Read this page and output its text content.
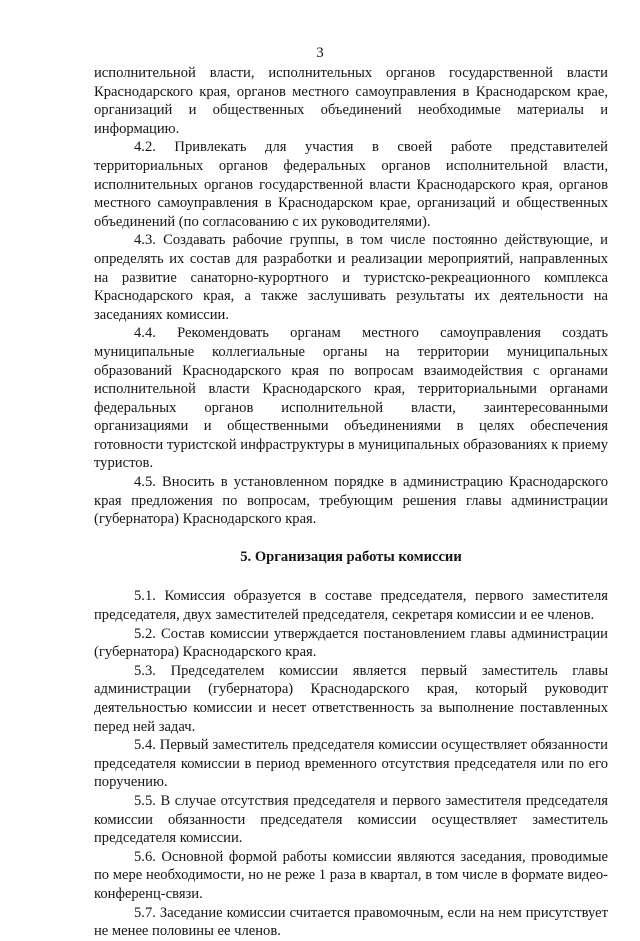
3

исполнительной власти, исполнительных органов государственной власти Краснодарского края, органов местного самоуправления в Краснодарском крае, организаций и общественных объединений необходимые материалы и информацию.

4.2. Привлекать для участия в своей работе представителей территориальных органов федеральных органов исполнительной власти, исполнительных органов государственной власти Краснодарского края, органов местного самоуправления в Краснодарском крае, организаций и общественных объединений (по согласованию с их руководителями).

4.3. Создавать рабочие группы, в том числе постоянно действующие, и определять их состав для разработки и реализации мероприятий, направленных на развитие санаторно-курортного и туристско-рекреационного комплекса Краснодарского края, а также заслушивать результаты их деятельности на заседаниях комиссии.

4.4. Рекомендовать органам местного самоуправления создать муниципальные коллегиальные органы на территории муниципальных образований Краснодарского края по вопросам взаимодействия с органами исполнительной власти Краснодарского края, территориальными органами федеральных органов исполнительной власти, заинтересованными организациями и общественными объединениями в целях обеспечения готовности туристской инфраструктуры в муниципальных образованиях к приему туристов.

4.5. Вносить в установленном порядке в администрацию Краснодарского края предложения по вопросам, требующим решения главы администрации (губернатора) Краснодарского края.

5. Организация работы комиссии

5.1. Комиссия образуется в составе председателя, первого заместителя председателя, двух заместителей председателя, секретаря комиссии и ее членов.

5.2. Состав комиссии утверждается постановлением главы администрации (губернатора) Краснодарского края.

5.3. Председателем комиссии является первый заместитель главы администрации (губернатора) Краснодарского края, который руководит деятельностью комиссии и несет ответственность за выполнение поставленных перед ней задач.

5.4. Первый заместитель председателя комиссии осуществляет обязанности председателя комиссии в период временного отсутствия председателя или по его поручению.

5.5. В случае отсутствия председателя и первого заместителя председателя комиссии обязанности председателя комиссии осуществляет заместитель председателя комиссии.

5.6. Основной формой работы комиссии являются заседания, проводимые по мере необходимости, но не реже 1 раза в квартал, в том числе в формате видео-конференц-связи.

5.7. Заседание комиссии считается правомочным, если на нем присутствует не менее половины ее членов.
